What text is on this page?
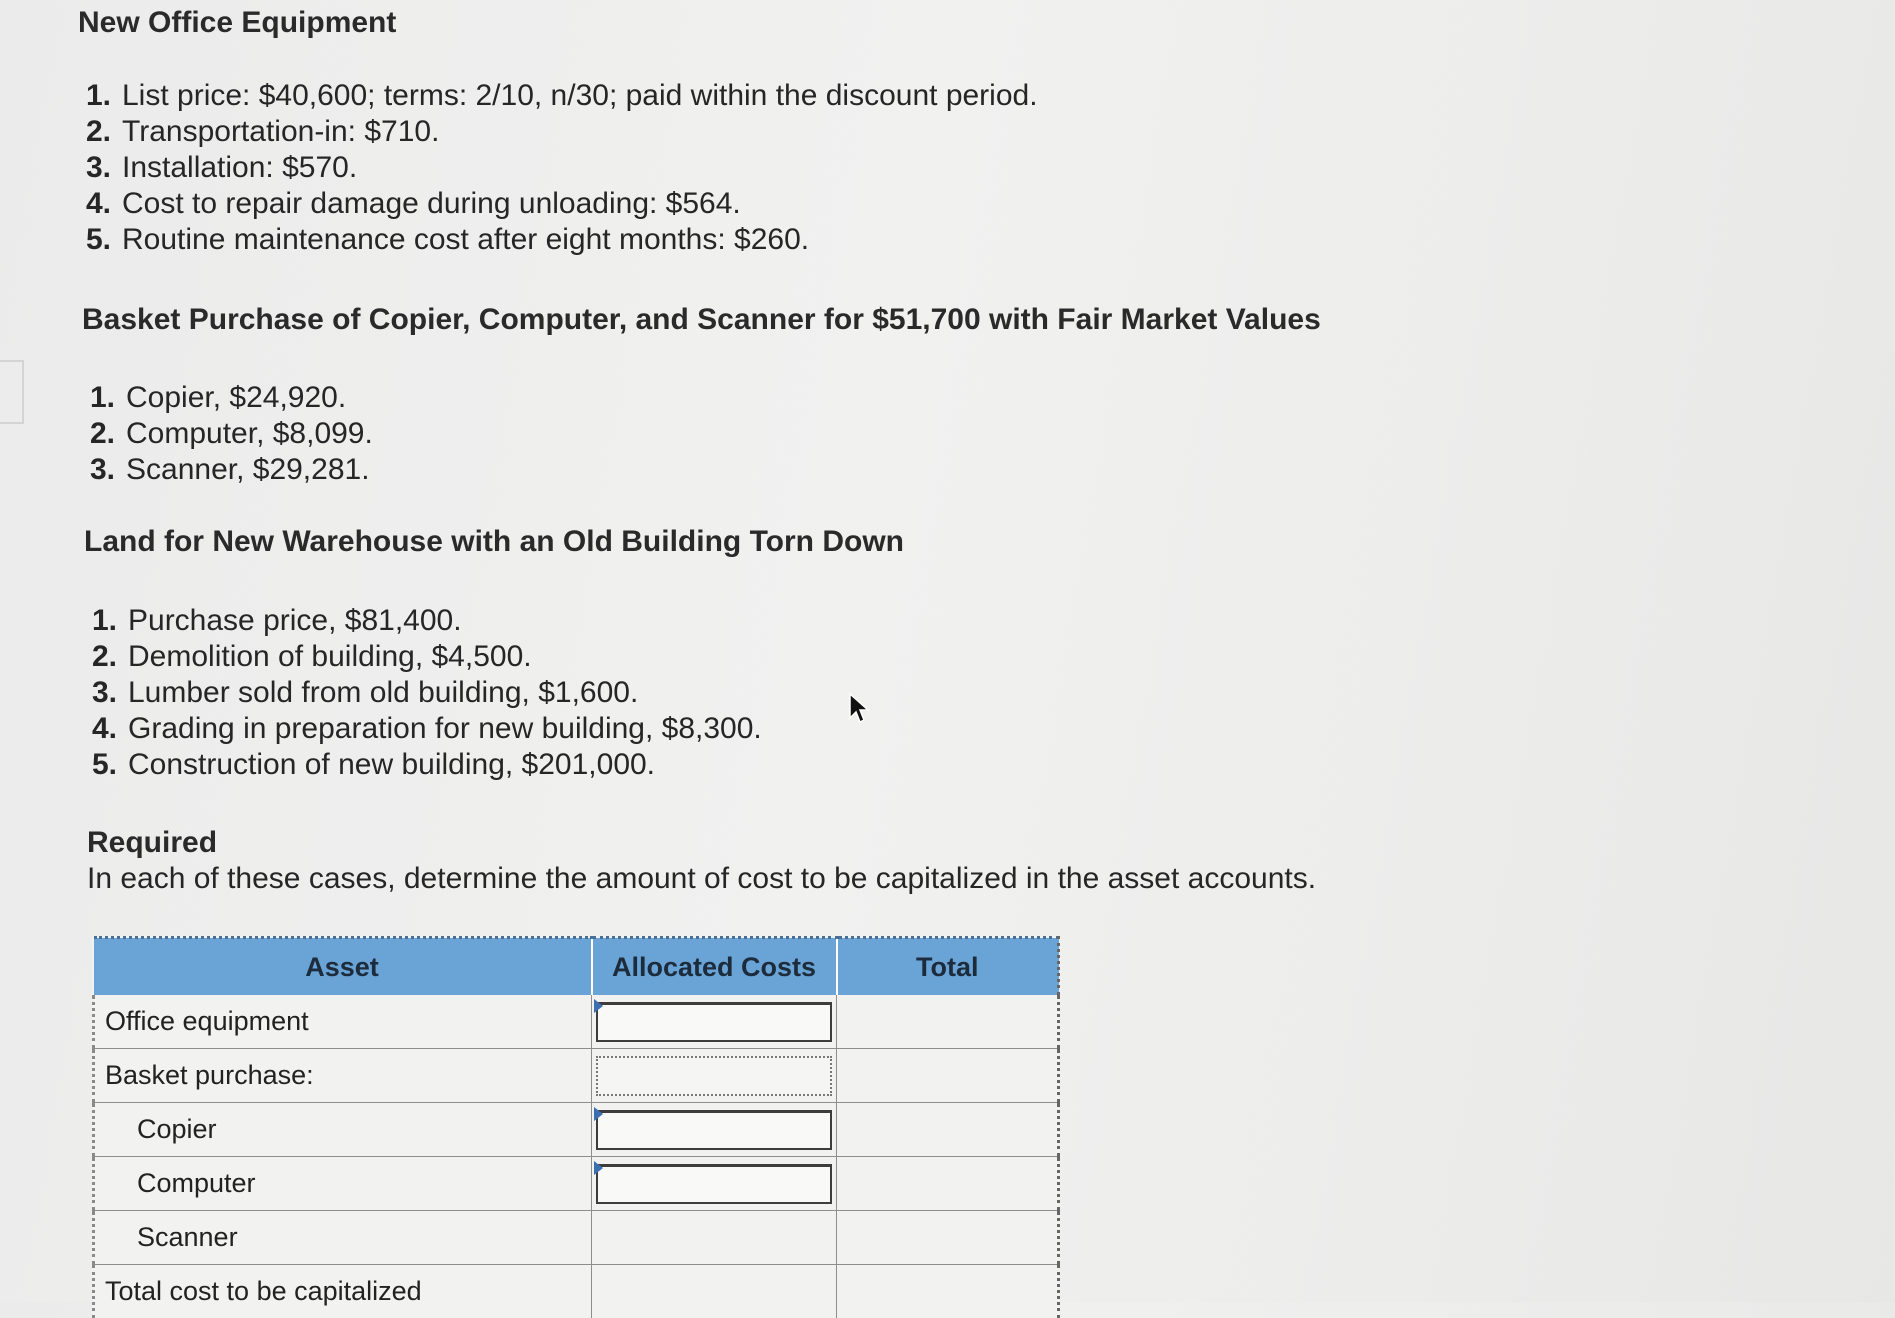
New Office Equipment
1. List price: $40,600; terms: 2/10, n/30; paid within the discount period.
2. Transportation-in: $710.
3. Installation: $570.
4. Cost to repair damage during unloading: $564.
5. Routine maintenance cost after eight months: $260.
Basket Purchase of Copier, Computer, and Scanner for $51,700 with Fair Market Values
1. Copier, $24,920.
2. Computer, $8,099.
3. Scanner, $29,281.
Land for New Warehouse with an Old Building Torn Down
1. Purchase price, $81,400.
2. Demolition of building, $4,500.
3. Lumber sold from old building, $1,600.
4. Grading in preparation for new building, $8,300.
5. Construction of new building, $201,000.
Required
In each of these cases, determine the amount of cost to be capitalized in the asset accounts.
Asset	Allocated Costs	Total
Office equipment	

Basket purchase:	

Copier	

Computer	

Scanner		
Total cost to be capitalized		
